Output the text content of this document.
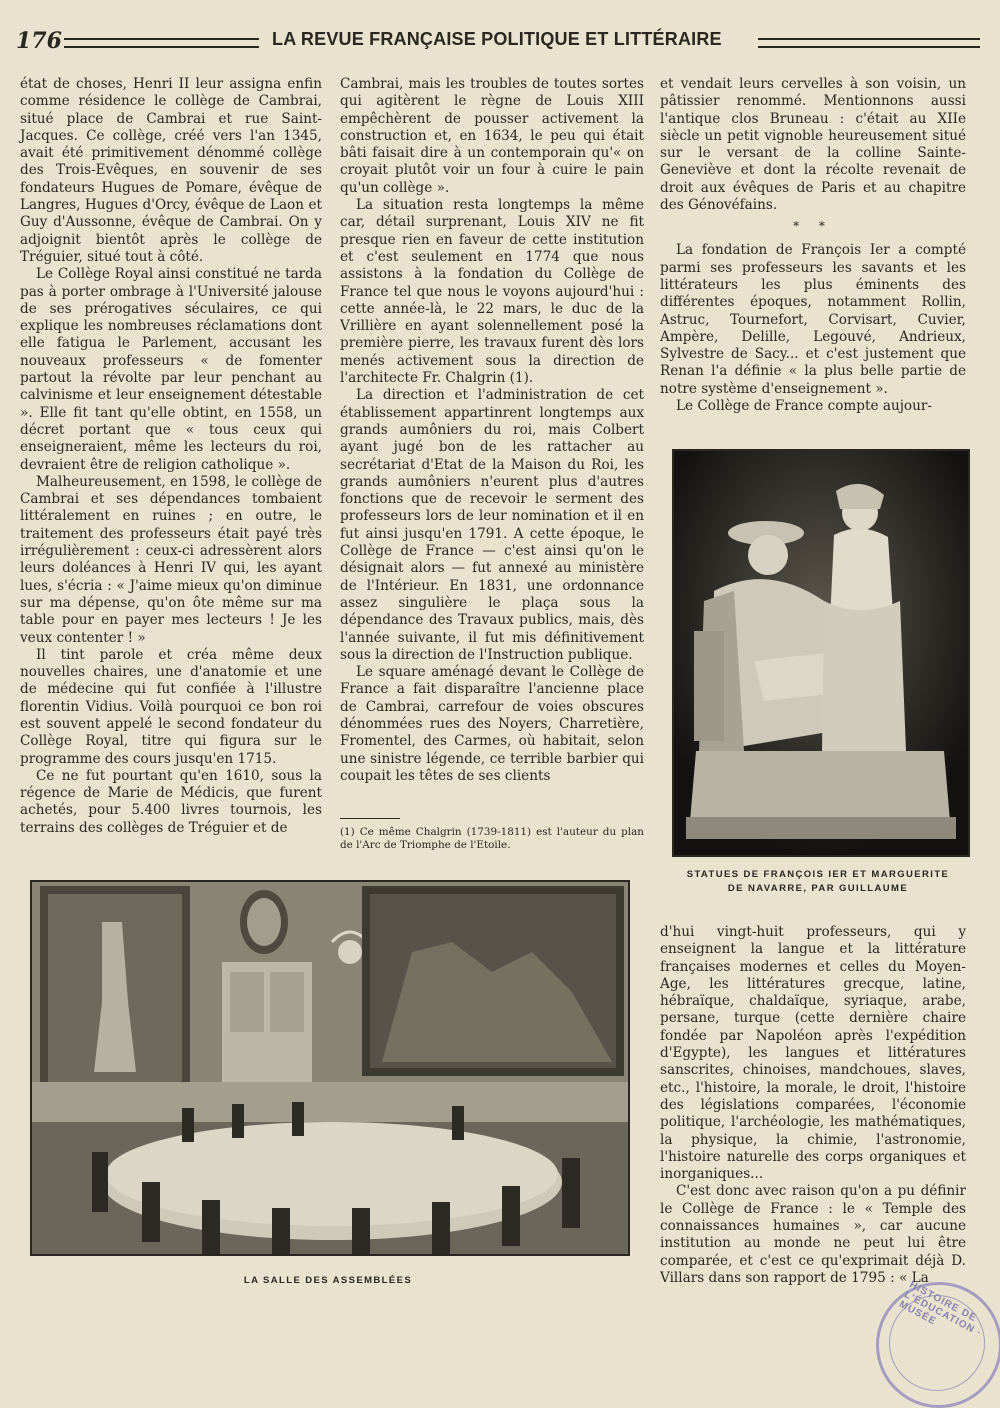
176	LA REVUE FRANÇAISE POLITIQUE ET LITTÉRAIRE

état de choses, Henri II leur assigna enfin comme résidence le collège de Cambrai, situé place de Cambrai et rue Saint-Jacques. Ce collège, créé vers l'an 1345, avait été primitivement dénommé collège des Trois-Evêques, en souvenir de ses fondateurs Hugues de Pomare, évêque de Langres, Hugues d'Orcy, évêque de Laon et Guy d'Aussonne, évêque de Cambrai. On y adjoignit bientôt après le collège de Tréguier, situé tout à côté.

Le Collège Royal ainsi constitué ne tarda pas à porter ombrage à l'Université jalouse de ses prérogatives séculaires, ce qui explique les nombreuses réclamations dont elle fatigua le Parlement, accusant les nouveaux professeurs « de fomenter partout la révolte par leur penchant au calvinisme et leur enseignement détestable ». Elle fit tant qu'elle obtint, en 1558, un décret portant que « tous ceux qui enseigneraient, même les lecteurs du roi, devraient être de religion catholique ».

Malheureusement, en 1598, le collège de Cambrai et ses dépendances tombaient littéralement en ruines ; en outre, le traitement des professeurs était payé très irrégulièrement : ceux-ci adressèrent alors leurs doléances à Henri IV qui, les ayant lues, s'écria : « J'aime mieux qu'on diminue sur ma dépense, qu'on ôte même sur ma table pour en payer mes lecteurs ! Je les veux contenter ! »

Il tint parole et créa même deux nouvelles chaires, une d'anatomie et une de médecine qui fut confiée à l'illustre florentin Vidius. Voilà pourquoi ce bon roi est souvent appelé le second fondateur du Collège Royal, titre qui figura sur le programme des cours jusqu'en 1715.

Ce ne fut pourtant qu'en 1610, sous la régence de Marie de Médicis, que furent achetés, pour 5.400 livres tournois, les terrains des collèges de Tréguier et de

Cambrai, mais les troubles de toutes sortes qui agitèrent le règne de Louis XIII empêchèrent de pousser activement la construction et, en 1634, le peu qui était bâti faisait dire à un contemporain qu'« on croyait plutôt voir un four à cuire le pain qu'un collège ».

La situation resta longtemps la même car, détail surprenant, Louis XIV ne fit presque rien en faveur de cette institution et c'est seulement en 1774 que nous assistons à la fondation du Collège de France tel que nous le voyons aujourd'hui : cette année-là, le 22 mars, le duc de la Vrillière en ayant solennellement posé la première pierre, les travaux furent dès lors menés activement sous la direction de l'architecte Fr. Chalgrin (1).

La direction et l'administration de cet établissement appartinrent longtemps aux grands aumôniers du roi, mais Colbert ayant jugé bon de les rattacher au secrétariat d'Etat de la Maison du Roi, les grands aumôniers n'eurent plus d'autres fonctions que de recevoir le serment des professeurs lors de leur nomination et il en fut ainsi jusqu'en 1791. A cette époque, le Collège de France — c'est ainsi qu'on le désignait alors — fut annexé au ministère de l'Intérieur. En 1831, une ordonnance assez singulière le plaça sous la dépendance des Travaux publics, mais, dès l'année suivante, il fut mis définitivement sous la direction de l'Instruction publique.

Le square aménagé devant le Collège de France a fait disparaître l'ancienne place de Cambrai, carrefour de voies obscures dénommées rues des Noyers, Charretière, Fromentel, des Carmes, où habitait, selon une sinistre légende, ce terrible barbier qui coupait les têtes de ses clients

(1) Ce même Chalgrin (1739-1811) est l'auteur du plan de l'Arc de Triomphe de l'Etoile.

et vendait leurs cervelles à son voisin, un pâtissier renommé. Mentionnons aussi l'antique clos Bruneau : c'était au XIIe siècle un petit vignoble heureusement situé sur le versant de la colline Sainte-Geneviève et dont la récolte revenait de droit aux évêques de Paris et au chapitre des Génovéfains.

* *

La fondation de François Ier a compté parmi ses professeurs les savants et les littérateurs les plus éminents des différentes époques, notamment Rollin, Astruc, Tournefort, Corvisart, Cuvier, Ampère, Delille, Legouvé, Andrieux, Sylvestre de Sacy... et c'est justement que Renan l'a définie « la plus belle partie de notre système d'enseignement ».

Le Collège de France compte aujour-

STATUES DE FRANÇOIS IER ET MARGUERITE
DE NAVARRE, PAR GUILLAUME
LA SALLE DES ASSEMBLÉES

d'hui vingt-huit professeurs, qui y enseignent la langue et la littérature françaises modernes et celles du Moyen-Age, les littératures grecque, latine, hébraïque, chaldaïque, syriaque, arabe, persane, turque (cette dernière chaire fondée par Napoléon après l'expédition d'Egypte), les langues et littératures sanscrites, chinoises, mandchoues, slaves, etc., l'histoire, la morale, le droit, l'histoire des législations comparées, l'économie politique, l'archéologie, les mathématiques, la physique, la chimie, l'astronomie, l'histoire naturelle des corps organiques et inorganiques...

C'est donc avec raison qu'on a pu définir le Collège de France : le « Temple des connaissances humaines », car aucune institution au monde ne peut lui être comparée, et c'est ce qu'exprimait déjà D. Villars dans son rapport de 1795 : « La

HISTOIRE DE L'ÉDUCATION · MUSÉE
